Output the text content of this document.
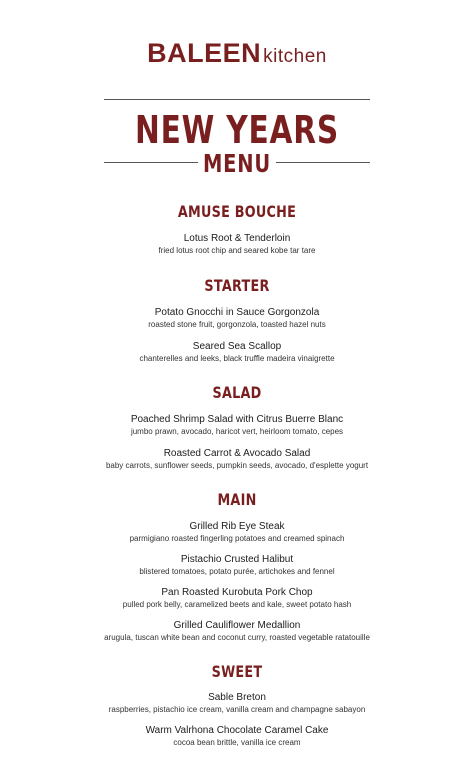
BALEEN kitchen
NEW YEARS
MENU
AMUSE BOUCHE
Lotus Root & Tenderloin
fried lotus root chip and seared kobe tar tare
STARTER
Potato Gnocchi in Sauce Gorgonzola
roasted stone fruit, gorgonzola, toasted hazel nuts
Seared Sea Scallop
chanterelles and leeks, black truffle madeira vinaigrette
SALAD
Poached Shrimp Salad with Citrus Buerre Blanc
jumbo prawn, avocado, haricot vert, heirloom tomato, cepes
Roasted Carrot & Avocado Salad
baby carrots, sunflower seeds, pumpkin seeds, avocado, d'esplette yogurt
MAIN
Grilled Rib Eye Steak
parmigiano roasted fingerling potatoes and creamed spinach
Pistachio Crusted Halibut
blistered tomatoes, potato purée, artichokes and fennel
Pan Roasted Kurobuta Pork Chop
pulled pork belly, caramelized beets and kale, sweet potato hash
Grilled Cauliflower Medallion
arugula, tuscan white bean and coconut curry, roasted vegetable ratatouille
SWEET
Sable Breton
raspberries, pistachio ice cream, vanilla cream and champagne sabayon
Warm Valrhona Chocolate Caramel Cake
cocoa bean brittle, vanilla ice cream
